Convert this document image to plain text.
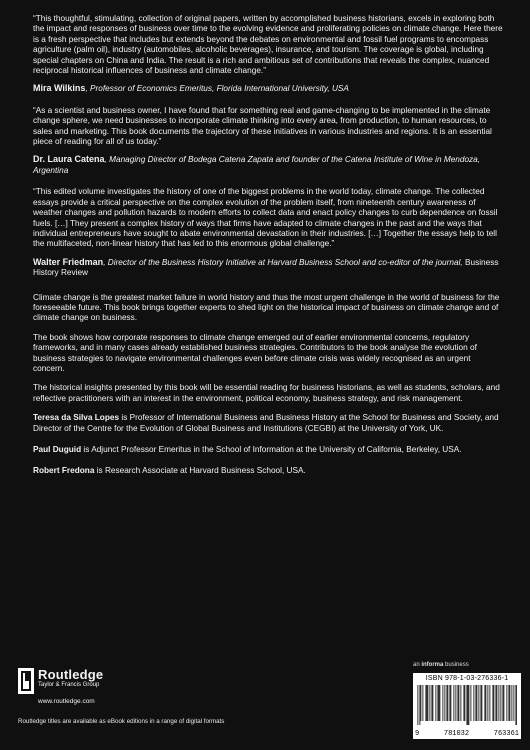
“This thoughtful, stimulating, collection of original papers, written by accomplished business historians, excels in exploring both the impact and responses of business over time to the evolving evidence and proliferating policies on climate change. Here there is a fresh perspective that includes but extends beyond the debates on environmental and fossil fuel programs to encompass agriculture (palm oil), industry (automobiles, alcoholic beverages), insurance, and tourism. The coverage is global, including special chapters on China and India. The result is a rich and ambitious set of contributions that reveals the complex, nuanced reciprocal historical influences of business and climate change.”

Mira Wilkins, Professor of Economics Emeritus, Florida International University, USA

“As a scientist and business owner, I have found that for something real and game-changing to be implemented in the climate change sphere, we need businesses to incorporate climate thinking into every area, from production, to human resources, to sales and marketing. This book documents the trajectory of these initiatives in various industries and regions. It is an essential piece of reading for all of us today.”

Dr. Laura Catena, Managing Director of Bodega Catena Zapata and founder of the Catena Institute of Wine in Mendoza, Argentina

“This edited volume investigates the history of one of the biggest problems in the world today, climate change. The collected essays provide a critical perspective on the complex evolution of the problem itself, from nineteenth century awareness of weather changes and pollution hazards to modern efforts to collect data and enact policy changes to curb dependence on fossil fuels. […] They present a complex history of ways that firms have adapted to climate changes in the past and the ways that individual entrepreneurs have sought to abate environmental devastation in their industries. […] Together the essays help to tell the multifaceted, non-linear history that has led to this enormous global challenge.”

Walter Friedman, Director of the Business History Initiative at Harvard Business School and co-editor of the journal, Business History Review

Climate change is the greatest market failure in world history and thus the most urgent challenge in the world of business for the foreseeable future. This book brings together experts to shed light on the historical impact of business on climate change and of climate change on business.

The book shows how corporate responses to climate change emerged out of earlier environmental concerns, regulatory frameworks, and in many cases already established business strategies. Contributors to the book analyse the evolution of business strategies to navigate environmental challenges even before climate crisis was widely recognised as an urgent concern.

The historical insights presented by this book will be essential reading for business historians, as well as students, scholars, and reflective practitioners with an interest in the environment, political economy, business strategy, and risk management.

Teresa da Silva Lopes is Professor of International Business and Business History at the School for Business and Society, and Director of the Centre for the Evolution of Global Business and Institutions (CEGBI) at the University of York, UK.

Paul Duguid is Adjunct Professor Emeritus in the School of Information at the University of California, Berkeley, USA.

Robert Fredona is Research Associate at Harvard Business School, USA.

Routledge
Taylor & Francis Group
www.routledge.com
Routledge titles are available as eBook editions in a range of digital formats
an informa business
ISBN 978-1-03-276336-1
9	781032	763361
